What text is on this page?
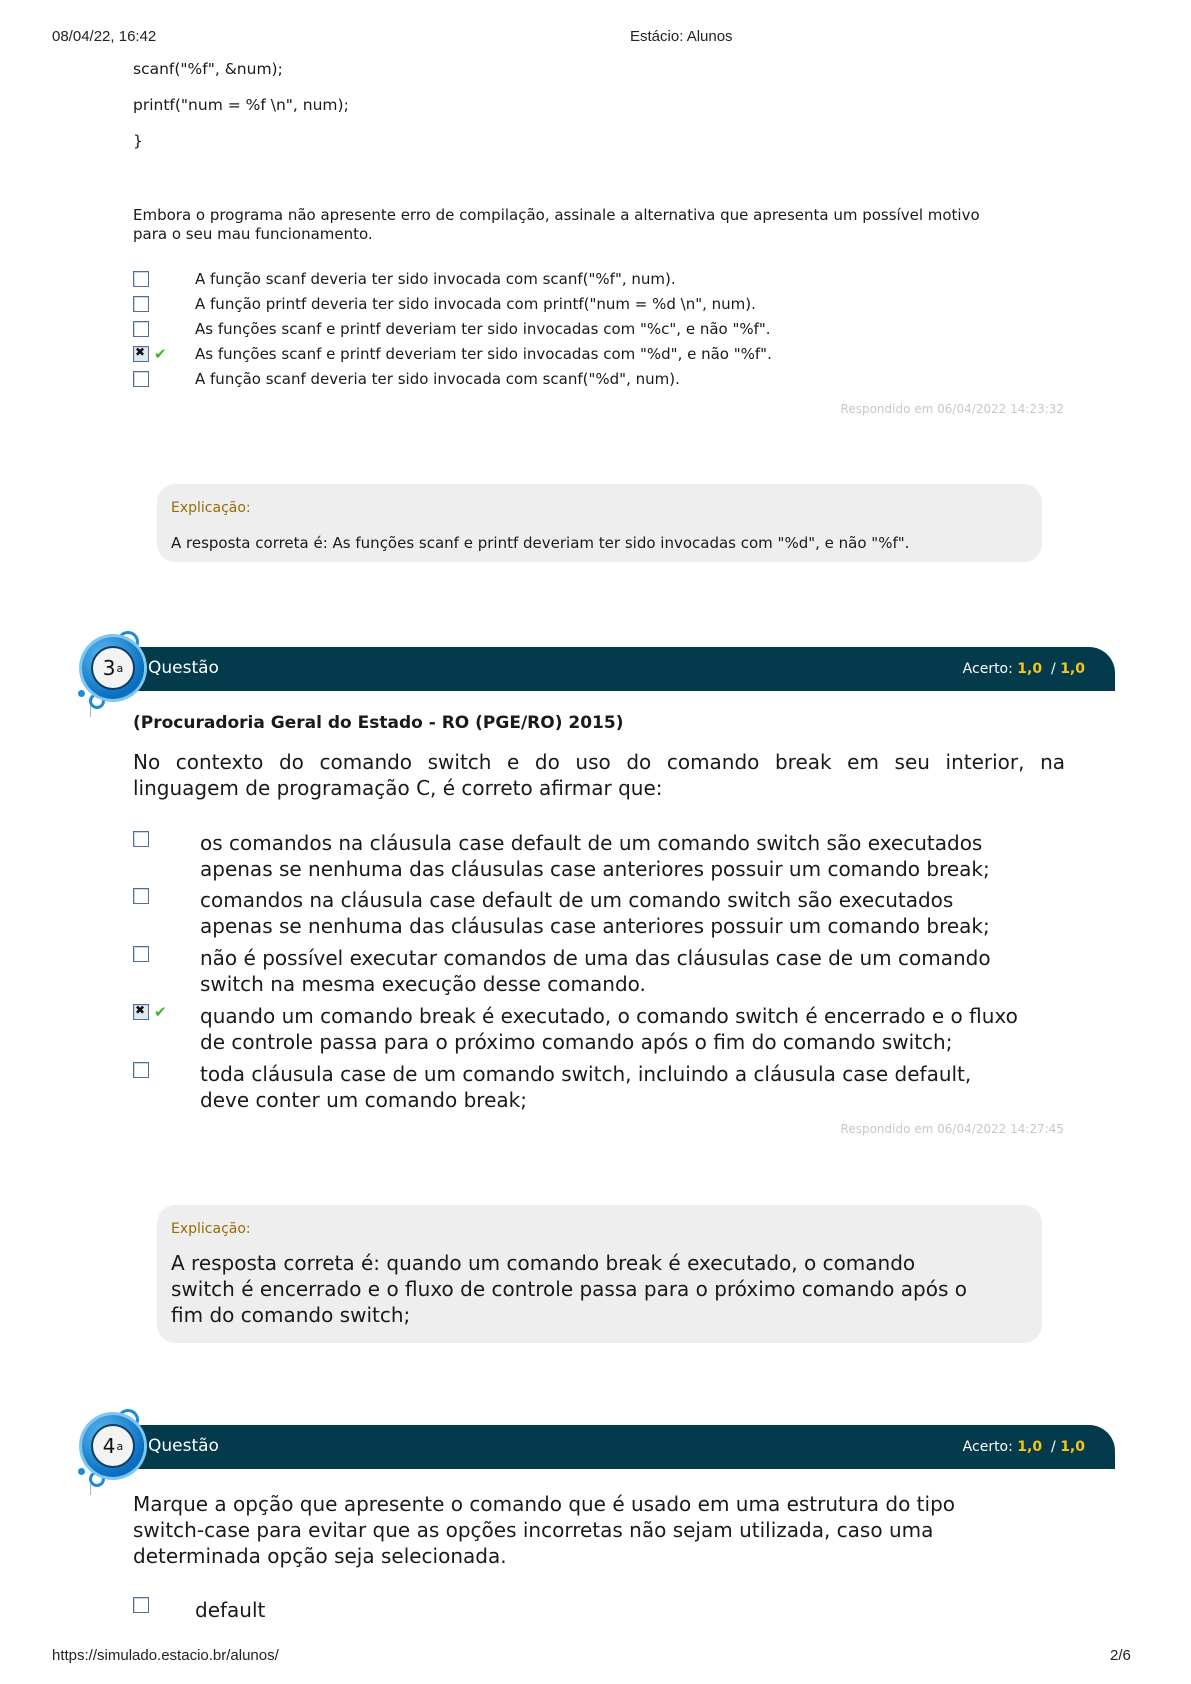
08/04/22, 16:42	Estácio: Alunos
scanf("%f", &num);
printf("num = %f \n", num);
}
Embora o programa não apresente erro de compilação, assinale a alternativa que apresenta um possível motivo para o seu mau funcionamento.
A função scanf deveria ter sido invocada com scanf("%f", num).
A função printf deveria ter sido invocada com printf("num = %d \n", num).
As funções scanf e printf deveriam ter sido invocadas com "%c", e não "%f".
✖
✔ As funções scanf e printf deveriam ter sido invocadas com "%d", e não "%f".
A função scanf deveria ter sido invocada com scanf("%d", num).
Respondido em 06/04/2022 14:23:32
Explicação:
A resposta correta é: As funções scanf e printf deveriam ter sido invocadas com "%d", e não "%f".
Questão	Acerto: 1,0 / 1,0
3 a
(Procuradoria Geral do Estado - RO (PGE/RO) 2015)
No contexto do comando switch e do uso do comando break em seu interior, na
linguagem de programação C, é correto afirmar que:
os comandos na cláusula case default de um comando switch são executados
apenas se nenhuma das cláusulas case anteriores possuir um comando break;
comandos na cláusula case default de um comando switch são executados
apenas se nenhuma das cláusulas case anteriores possuir um comando break;
não é possível executar comandos de uma das cláusulas case de um comando
switch na mesma execução desse comando.
✖
✔ quando um comando break é executado, o comando switch é encerrado e o fluxo
de controle passa para o próximo comando após o fim do comando switch;
toda cláusula case de um comando switch, incluindo a cláusula case default,
deve conter um comando break;
Respondido em 06/04/2022 14:27:45
Explicação:
A resposta correta é: quando um comando break é executado, o comando
switch é encerrado e o fluxo de controle passa para o próximo comando após o
fim do comando switch;
Questão	Acerto: 1,0 / 1,0
4 a
Marque a opção que apresente o comando que é usado em uma estrutura do tipo
switch-case para evitar que as opções incorretas não sejam utilizada, caso uma
determinada opção seja selecionada.
default
https://simulado.estacio.br/alunos/	2/6
